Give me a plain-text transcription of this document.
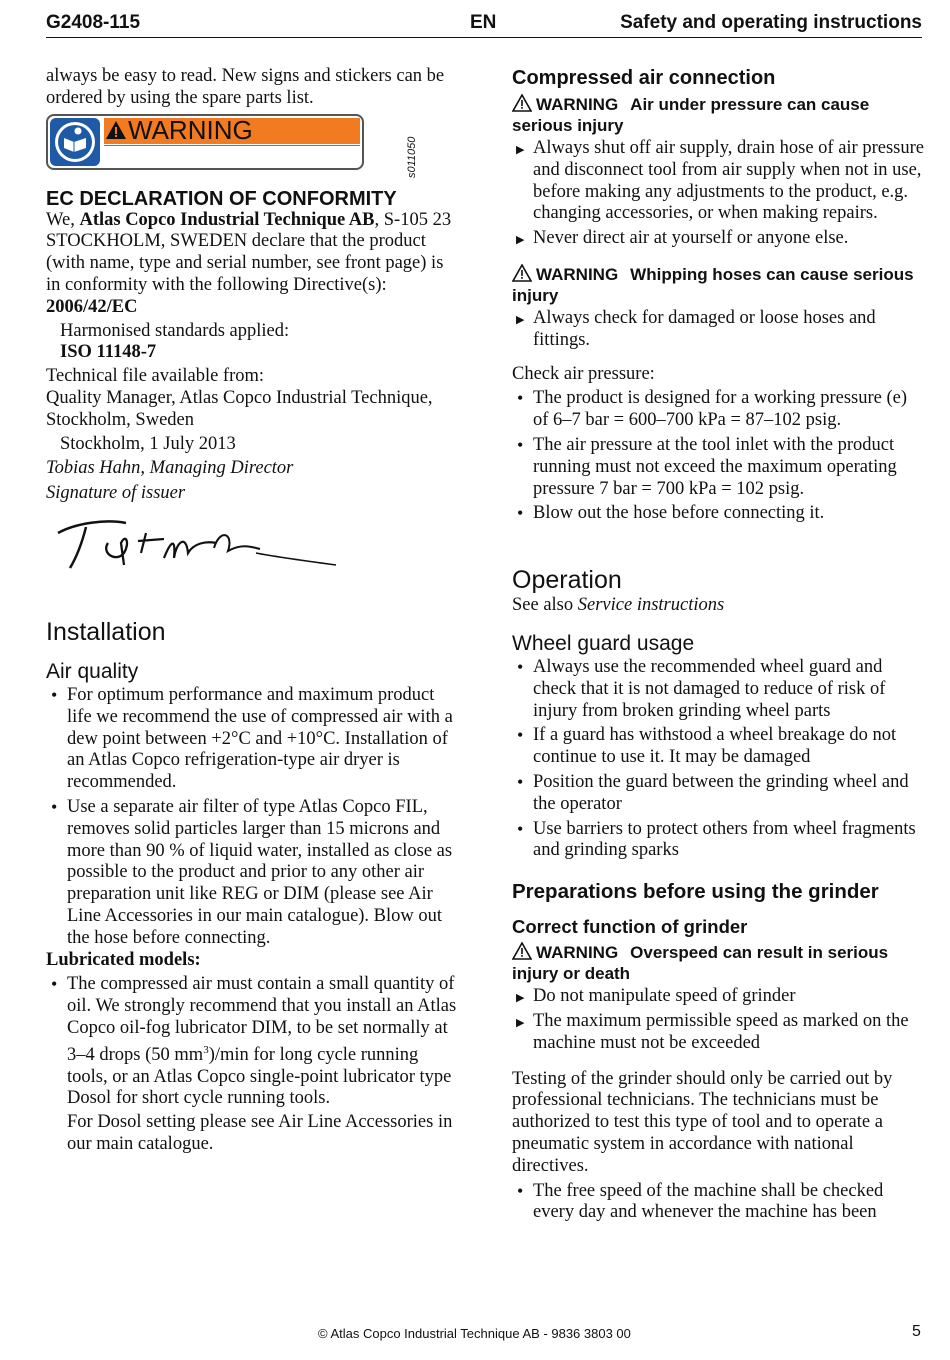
G2408-115	EN	Safety and operating instructions

always be easy to read. New signs and stickers can be ordered by using the spare parts list.

WARNING
s011050
EC DECLARATION OF CONFORMITY

We, Atlas Copco Industrial Technique AB, S-105 23 STOCKHOLM, SWEDEN declare that the product (with name, type and serial number, see front page) is in conformity with the following Directive(s):

2006/42/EC

Harmonised standards applied:

ISO 11148-7

Technical file available from:

Quality Manager, Atlas Copco Industrial Technique, Stockholm, Sweden

Stockholm, 1 July 2013

Tobias Hahn, Managing Director

Signature of issuer

Installation
Air quality
• For optimum performance and maximum product life we recommend the use of compressed air with a dew point between +2°C and +10°C. Installation of an Atlas Copco refrigeration-type air dryer is recommended.
• Use a separate air filter of type Atlas Copco FIL, removes solid particles larger than 15 microns and more than 90 % of liquid water, installed as close as possible to the product and prior to any other air preparation unit like REG or DIM (please see Air Line Accessories in our main catalogue). Blow out the hose before connecting.

Lubricated models:

• The compressed air must contain a small quantity of oil. We strongly recommend that you install an Atlas Copco oil-fog lubricator DIM, to be set normally at 3–4 drops (50 $mm^3)/\min$ for long cycle running tools, or an Atlas Copco single-point lubricator type Dosol for short cycle running tools.

For Dosol setting please see Air Line Accessories in our main catalogue.

Compressed air connection

WARNING Air under pressure can cause serious injury

▶ Always shut off air supply, drain hose of air pressure and disconnect tool from air supply when not in use, before making any adjustments to the product, e.g. changing accessories, or when making repairs.
▶ Never direct air at yourself or anyone else.

WARNING Whipping hoses can cause serious injury

▶ Always check for damaged or loose hoses and fittings.

Check air pressure:

• The product is designed for a working pressure (e) of 6–7 bar = 600–700 kPa = 87–102 psig.
• The air pressure at the tool inlet with the product running must not exceed the maximum operating pressure 7 bar = 700 kPa = 102 psig.
• Blow out the hose before connecting it.
Operation

See also Service instructions

Wheel guard usage
• Always use the recommended wheel guard and check that it is not damaged to reduce of risk of injury from broken grinding wheel parts
• If a guard has withstood a wheel breakage do not continue to use it. It may be damaged
• Position the guard between the grinding wheel and the operator
• Use barriers to protect others from wheel fragments and grinding sparks
Preparations before using the grinder
Correct function of grinder

WARNING Overspeed can result in serious injury or death

▶ Do not manipulate speed of grinder
▶ The maximum permissible speed as marked on the machine must not be exceeded

Testing of the grinder should only be carried out by professional technicians. The technicians must be authorized to test this type of tool and to operate a pneumatic system in accordance with national directives.

• The free speed of the machine shall be checked every day and whenever the machine has been
© Atlas Copco Industrial Technique AB - 9836 3803 00	5
